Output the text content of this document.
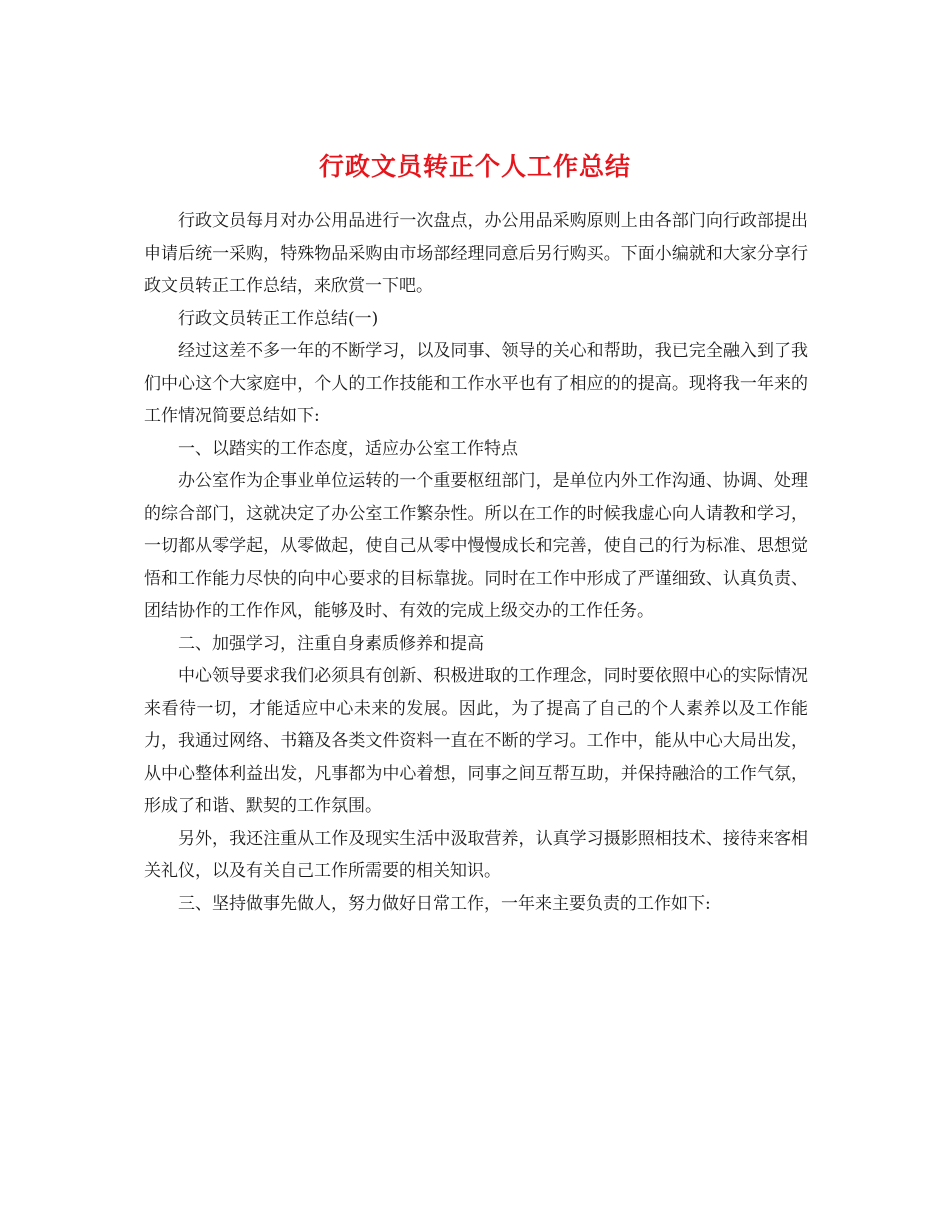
行政文员转正个人工作总结

行政文员每月对办公用品进行一次盘点，办公用品采购原则上由各部门向行政部提出申请后统一采购，特殊物品采购由市场部经理同意后另行购买。下面小编就和大家分享行政文员转正工作总结，来欣赏一下吧。

行政文员转正工作总结(一)

经过这差不多一年的不断学习，以及同事、领导的关心和帮助，我已完全融入到了我们中心这个大家庭中，个人的工作技能和工作水平也有了相应的的提高。现将我一年来的工作情况简要总结如下:

一、以踏实的工作态度，适应办公室工作特点

办公室作为企事业单位运转的一个重要枢纽部门，是单位内外工作沟通、协调、处理的综合部门，这就决定了办公室工作繁杂性。所以在工作的时候我虚心向人请教和学习，一切都从零学起，从零做起，使自己从零中慢慢成长和完善，使自己的行为标准、思想觉悟和工作能力尽快的向中心要求的目标靠拢。同时在工作中形成了严谨细致、认真负责、团结协作的工作作风，能够及时、有效的完成上级交办的工作任务。

二、加强学习，注重自身素质修养和提高

中心领导要求我们必须具有创新、积极进取的工作理念，同时要依照中心的实际情况来看待一切，才能适应中心未来的发展。因此，为了提高了自己的个人素养以及工作能力，我通过网络、书籍及各类文件资料一直在不断的学习。工作中，能从中心大局出发，从中心整体利益出发，凡事都为中心着想，同事之间互帮互助，并保持融洽的工作气氛，形成了和谐、默契的工作氛围。

另外，我还注重从工作及现实生活中汲取营养，认真学习摄影照相技术、接待来客相关礼仪，以及有关自己工作所需要的相关知识。

三、坚持做事先做人，努力做好日常工作，一年来主要负责的工作如下:
